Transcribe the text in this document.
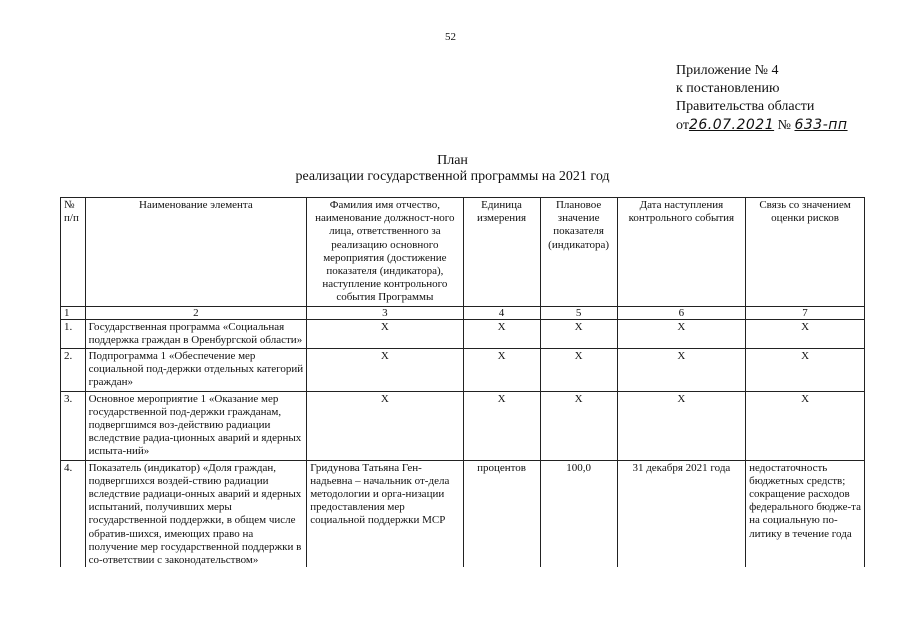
52
Приложение № 4
к постановлению
Правительства области
от26.07.2021 № 633-пп
План
реализации государственной программы на 2021 год
№ п/п	Наименование элемента	Фамилия имя отчество, наименование должност-ного лица, ответственного за реализацию основного мероприятия (достижение показателя (индикатора), наступление контрольного события Программы	Единица измерения	Плановое значение показателя (индикатора)	Дата наступления контрольного события	Связь со значением оценки рисков
1	2	3	4	5	6	7
1.	Государственная программа «Социальная поддержка граждан в Оренбургской области»	X	X	X	X	X
2.	Подпрограмма 1 «Обеспечение мер социальной под-держки отдельных категорий граждан»	X	X	X	X	X
3.	Основное мероприятие 1 «Оказание мер государственной под-держки гражданам, подвергшимся воз-действию радиации вследствие радиа-ционных аварий и ядерных испыта-ний»	X	X	X	X	X
4.	Показатель (индикатор) «Доля граждан, подвергшихся воздей-ствию радиации вследствие радиаци-онных аварий и ядерных испытаний, получивших меры государственной поддержки, в общем числе обратив-шихся, имеющих право на получение мер государственной поддержки в со-ответствии с законодательством»	Гридунова Татьяна Ген-надьевна – начальник от-дела методологии и орга-низации предоставления мер социальной поддержки МСР	процентов	100,0	31 декабря 2021 года	недостаточность бюджетных средств; сокращение расходов федерального бюдже-та на социальную по-литику в течение года
